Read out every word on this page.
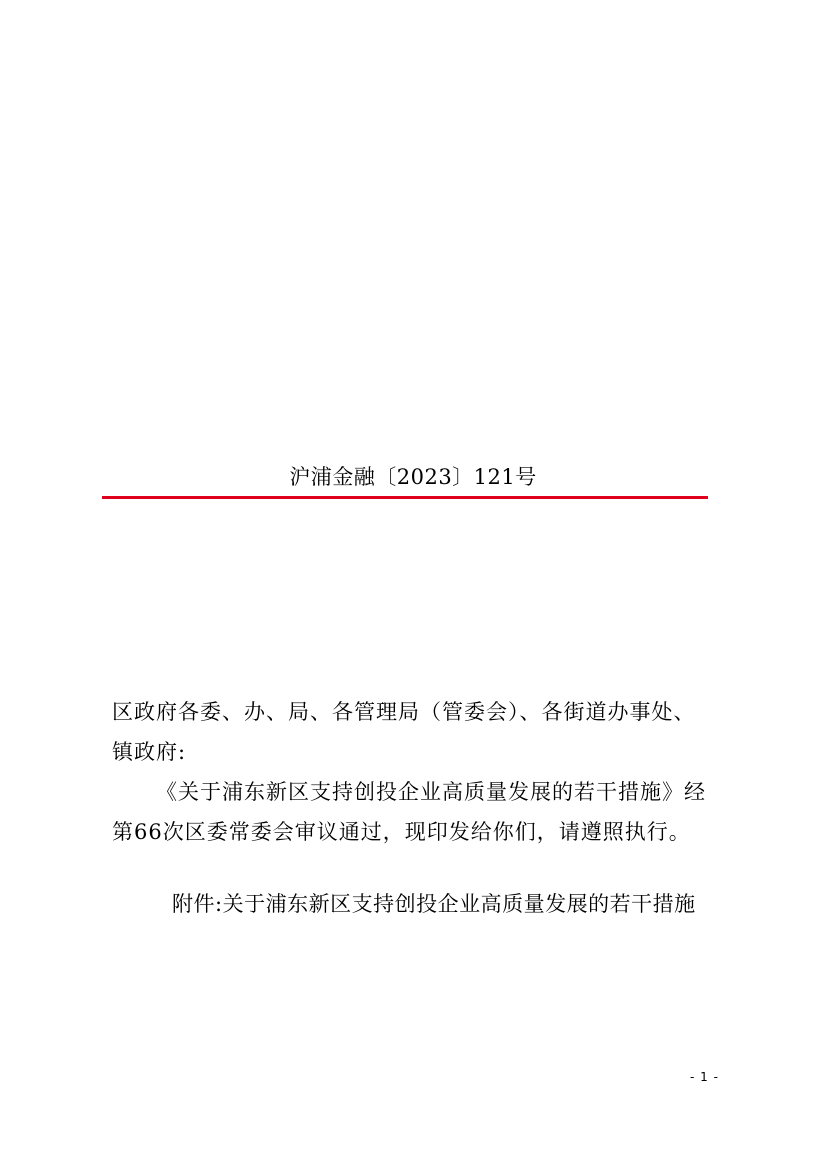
沪浦金融〔2023〕121号
区政府各委、办、局、各管理局（管委会）、各街道办事处、镇政府:
《关于浦东新区支持创投企业高质量发展的若干措施》经第66次区委常委会审议通过，现印发给你们，请遵照执行。
附件:关于浦东新区支持创投企业高质量发展的若干措施
- 1 -
